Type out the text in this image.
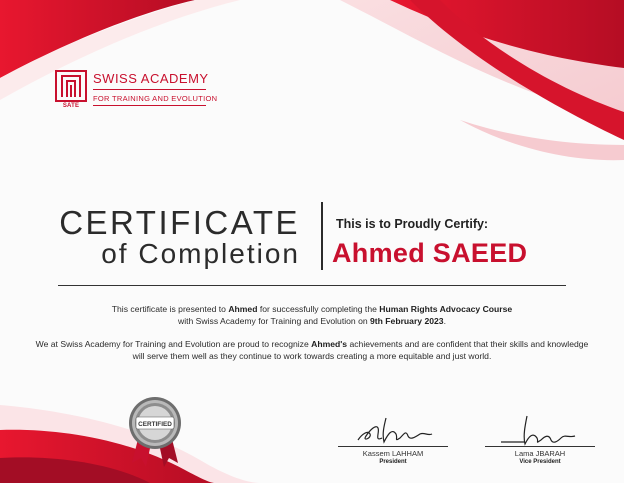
SATE
SWISS ACADEMY
FOR TRAINING AND EVOLUTION
CERTIFICATE
of Completion
This is to Proudly Certify:
Ahmed SAEED
This certificate is presented to Ahmed for successfully completing the Human Rights Advocacy Course
with Swiss Academy for Training and Evolution on 9th February 2023.
We at Swiss Academy for Training and Evolution are proud to recognize Ahmed's achievements and are confident that their skills and knowledge will serve them well as they continue to work towards creating a more equitable and just world.
CERTIFIED
Kassem LAHHAM
President
Lama JBARAH
Vice President
